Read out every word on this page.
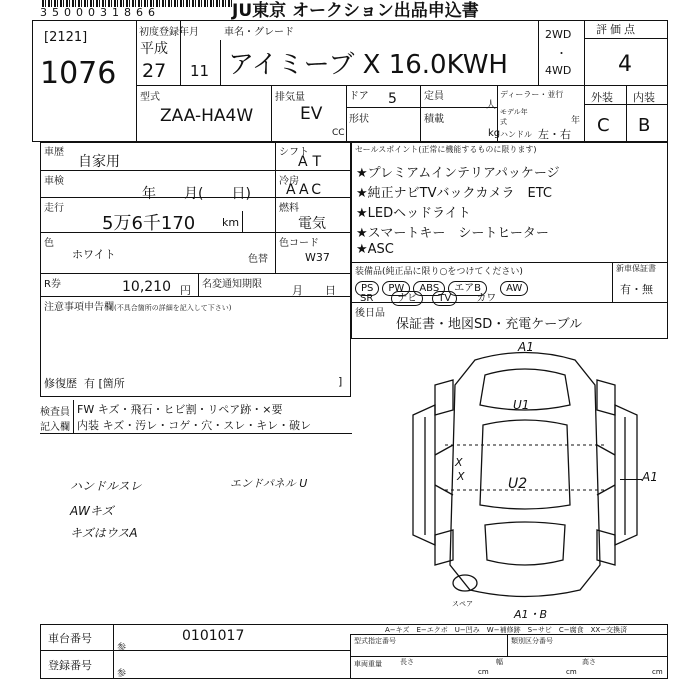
3500031866	JU東京 オークション出品申込書
[2121]
1076
初度登録年月
平成
27 11
車名・グレード
アイミーブ X 16.0KWH
2WD
・
4WD
評価点
4
外装 内装
C B
型式
ZAA-HA4W
排気量
EV
CC
ドア 5	定員
人
形状	積載
kg
ディーラー・並行
モデル年式	年
ハンドル 左・右
車歴
自家用
車検
年　　月(　　日)
走行
5万6千170 km
色
ホワイト
R券	10,210 円 名変通知期限	月　　日
シフト
AT
冷房
AAC
燃料
電気
色コード
色替	W37
注意事項申告欄(不具合箇所の詳細を記入して下さい)
修復歴 有 [箇所	]
セールスポイント(正常に機能するものに限ります)
★プレミアムインテリアパッケージ
★純正ナビTVバックカメラ　ETC
★LEDヘッドライト
★スマートキー　シートヒーター
★ASC
装備品(純正品に限り○をつけてください)
PS PW ABS エアB	AW
SR ナビ TV	カワ
新車保証書
有・無
後日品
保証書・地図SD・充電ケーブル
検査員
記入欄
FW キズ・飛石・ヒビ割・リペア跡・×要
内装 キズ・汚レ・コゲ・穴・スレ・キレ・破レ
ハンドルスレ
AWキズ
キズはウスA
エンドパネル U
A1
U1
X
X	U2	A1
A1・B
スペア
A−キズ　E−エクボ　U−凹み　W−補修跡　S−サビ　C−腐食　XX−交換済
車台番号	0101017
参
登録番号
参
型式指定番号	類別区分番号
長さ	幅	高さ
車両重量
cm	cm	cm
